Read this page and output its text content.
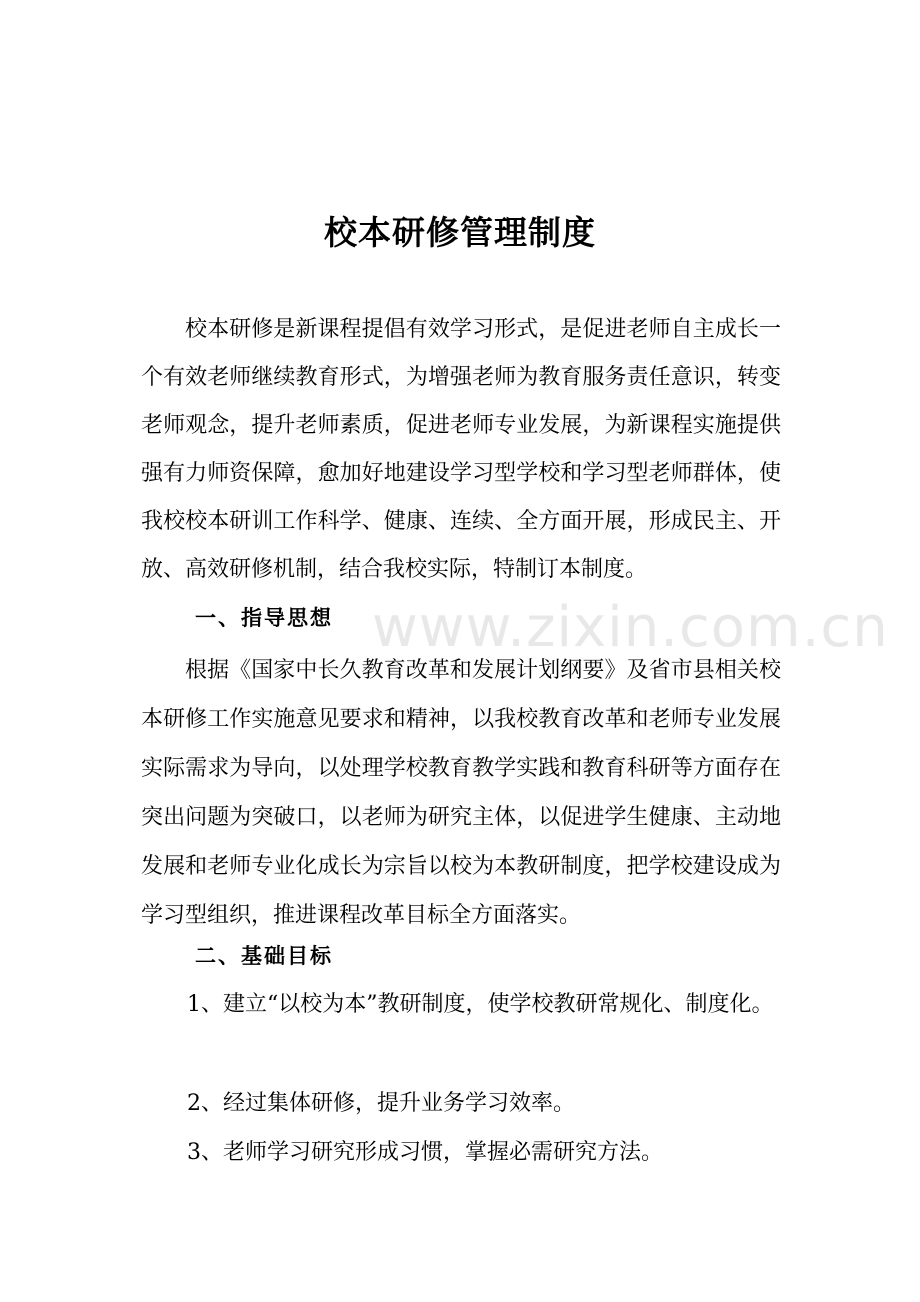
校本研修管理制度

校本研修是新课程提倡有效学习形式，是促进老师自主成长一个有效老师继续教育形式，为增强老师为教育服务责任意识，转变老师观念，提升老师素质，促进老师专业发展，为新课程实施提供强有力师资保障，愈加好地建设学习型学校和学习型老师群体，使我校校本研训工作科学、健康、连续、全方面开展，形成民主、开放、高效研修机制，结合我校实际，特制订本制度。

一、指导思想

根据《国家中长久教育改革和发展计划纲要》及省市县相关校本研修工作实施意见要求和精神，以我校教育改革和老师专业发展实际需求为导向，以处理学校教育教学实践和教育科研等方面存在突出问题为突破口，以老师为研究主体，以促进学生健康、主动地发展和老师专业化成长为宗旨以校为本教研制度，把学校建设成为学习型组织，推进课程改革目标全方面落实。

二、基础目标

1、建立“以校为本”教研制度，使学校教研常规化、制度化。

2、经过集体研修，提升业务学习效率。

3、老师学习研究形成习惯，掌握必需研究方法。

www.zixin.com.cn
